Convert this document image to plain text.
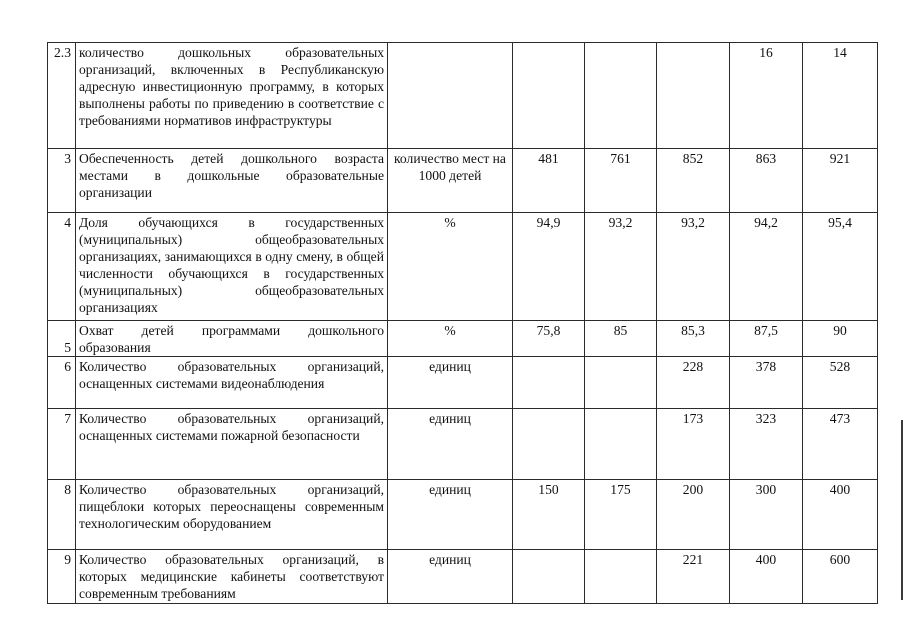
2.3	количество дошкольных образовательных организаций, включенных в Республиканскую адресную инвестиционную программу, в которых выполнены работы по приведению в соответствие с требованиями нормативов инфраструктуры					16	14
3	Обеспеченность детей дошкольного возраста местами в дошкольные образовательные организации	количество мест на 1000 детей	481	761	852	863	921
4	Доля обучающихся в государственных (муниципальных) общеобразовательных организациях, занимающихся в одну смену, в общей численности обучающихся в государственных (муниципальных) общеобразовательных организациях	%	94,9	93,2	93,2	94,2	95,4
5	Охват детей программами дошкольного образования	%	75,8	85	85,3	87,5	90
6	Количество образовательных организаций, оснащенных системами видеонаблюдения	единиц			228	378	528
7	Количество образовательных организаций, оснащенных системами пожарной безопасности	единиц			173	323	473
8	Количество образовательных организаций, пищеблоки которых переоснащены современным технологическим оборудованием	единиц	150	175	200	300	400
9	Количество образовательных организаций, в которых медицинские кабинеты соответствуют современным требованиям	единиц			221	400	600
